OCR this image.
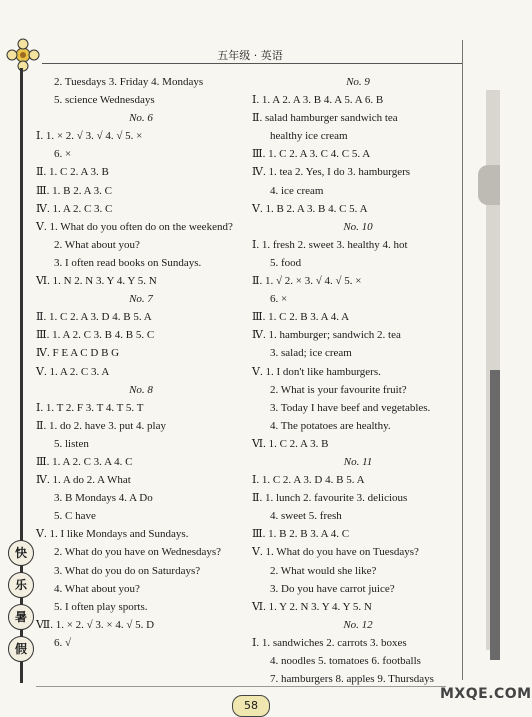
五年级 · 英语
快
乐
暑
假
2. Tuesdays 3. Friday 4. Mondays
5. science Wednesdays
No. 6
Ⅰ. 1. × 2. √ 3. √ 4. √ 5. ×
6. ×
Ⅱ. 1. C 2. A 3. B
Ⅲ. 1. B 2. A 3. C
Ⅳ. 1. A 2. C 3. C
Ⅴ. 1. What do you often do on the weekend?
2. What about you?
3. I often read books on Sundays.
Ⅵ. 1. N 2. N 3. Y 4. Y 5. N
No. 7
Ⅱ. 1. C 2. A 3. D 4. B 5. A
Ⅲ. 1. A 2. C 3. B 4. B 5. C
Ⅳ. F E A C D B G
Ⅴ. 1. A 2. C 3. A
No. 8
Ⅰ. 1. T 2. F 3. T 4. T 5. T
Ⅱ. 1. do 2. have 3. put 4. play
5. listen
Ⅲ. 1. A 2. C 3. A 4. C
Ⅳ. 1. A do 2. A What
3. B Mondays 4. A Do
5. C have
Ⅴ. 1. I like Mondays and Sundays.
2. What do you have on Wednesdays?
3. What do you do on Saturdays?
4. What about you?
5. I often play sports.
Ⅶ. 1. × 2. √ 3. × 4. √ 5. D
6. √
No. 9
Ⅰ. 1. A 2. A 3. B 4. A 5. A 6. B
Ⅱ. salad hamburger sandwich tea
healthy ice cream
Ⅲ. 1. C 2. A 3. C 4. C 5. A
Ⅳ. 1. tea 2. Yes, I do 3. hamburgers
4. ice cream
Ⅴ. 1. B 2. A 3. B 4. C 5. A
No. 10
Ⅰ. 1. fresh 2. sweet 3. healthy 4. hot
5. food
Ⅱ. 1. √ 2. × 3. √ 4. √ 5. ×
6. ×
Ⅲ. 1. C 2. B 3. A 4. A
Ⅳ. 1. hamburger; sandwich 2. tea
3. salad; ice cream
Ⅴ. 1. I don't like hamburgers.
2. What is your favourite fruit?
3. Today I have beef and vegetables.
4. The potatoes are healthy.
Ⅵ. 1. C 2. A 3. B
No. 11
Ⅰ. 1. C 2. A 3. D 4. B 5. A
Ⅱ. 1. lunch 2. favourite 3. delicious
4. sweet 5. fresh
Ⅲ. 1. B 2. B 3. A 4. C
Ⅴ. 1. What do you have on Tuesdays?
2. What would she like?
3. Do you have carrot juice?
Ⅵ. 1. Y 2. N 3. Y 4. Y 5. N
No. 12
Ⅰ. 1. sandwiches 2. carrots 3. boxes
4. noodles 5. tomatoes 6. footballs
7. hamburgers 8. apples 9. Thursdays
58
MXQE.COM
